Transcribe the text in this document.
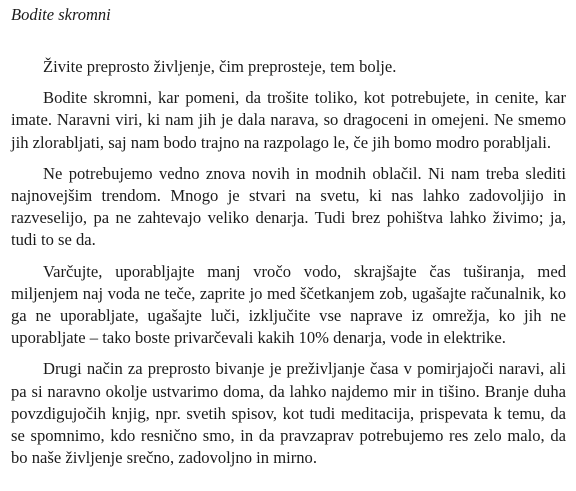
Bodite skromni

Živite preprosto življenje, čim preprosteje, tem bolje.

Bodite skromni, kar pomeni, da trošite toliko, kot potrebujete, in cenite, kar imate. Naravni viri, ki nam jih je dala narava, so dragoceni in omejeni. Ne smemo jih zlorabljati, saj nam bodo trajno na razpolago le, če jih bomo modro porabljali.

Ne potrebujemo vedno znova novih in modnih oblačil. Ni nam treba slediti najnovejšim trendom. Mnogo je stvari na svetu, ki nas lahko zadovoljijo in razveselijo, pa ne zahtevajo veliko denarja. Tudi brez pohištva lahko živimo; ja, tudi to se da.

Varčujte, uporabljajte manj vročo vodo, skrajšajte čas tuširanja, med miljenjem naj voda ne teče, zaprite jo med ščetkanjem zob, ugašajte računalnik, ko ga ne uporabljate, ugašajte luči, izklјučite vse naprave iz omrežja, ko jih ne uporabljate – tako boste privarčevali kakih 10% denarja, vode in elektrike.

Drugi način za preprosto bivanje je preživljanje časa v pomirjajoči naravi, ali pa si naravno okolje ustvarimo doma, da lahko najdemo mir in tišino. Branje duha povzdigujočih knjig, npr. svetih spisov, kot tudi meditacija, prispevata k temu, da se spomnimo, kdo resnično smo, in da pravzaprav potrebujemo res zelo malo, da bo naše življenje srečno, zadovoljno in mirno.
